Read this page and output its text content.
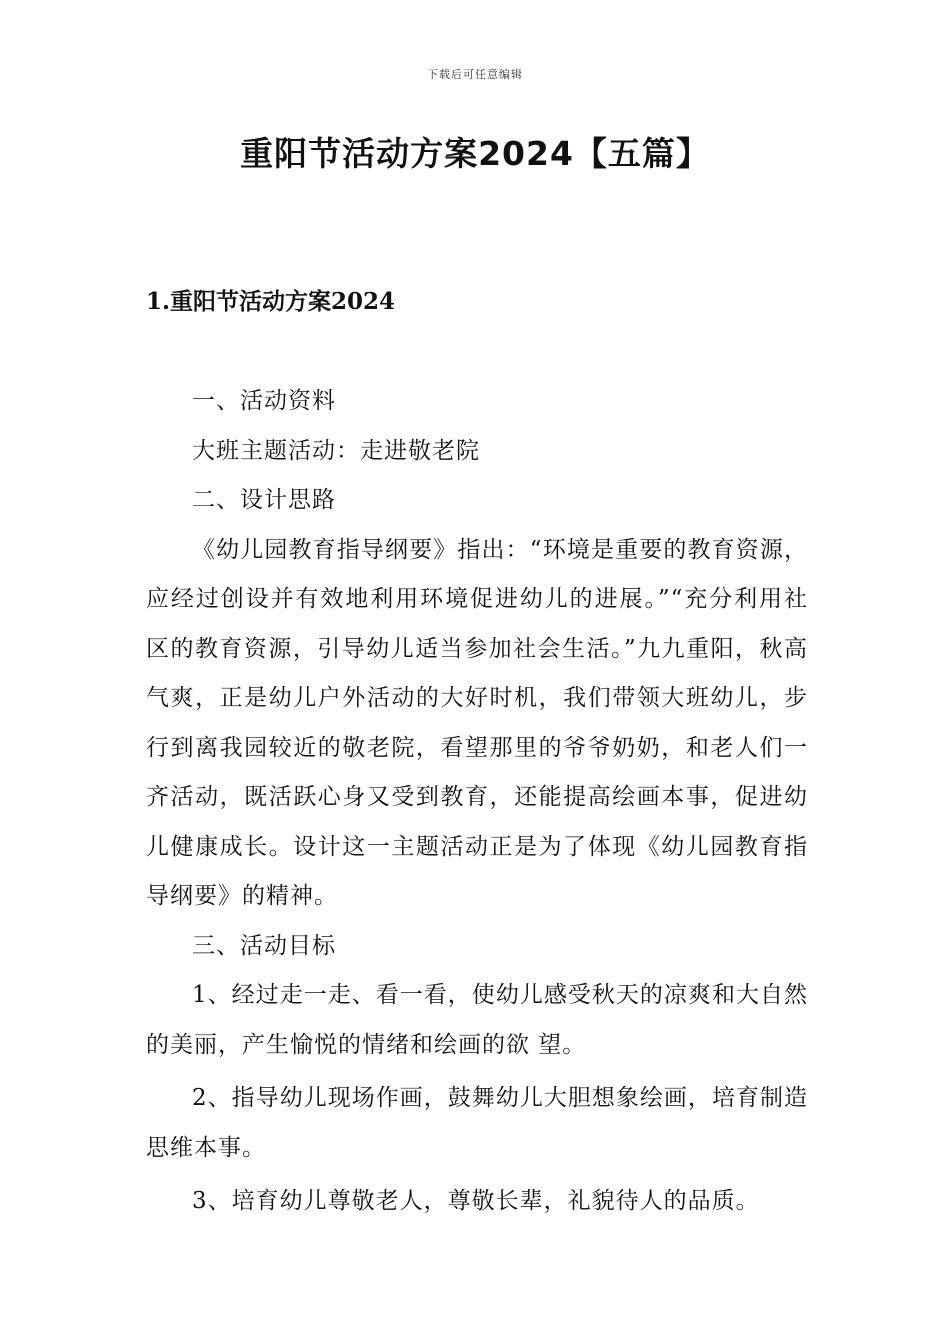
下载后可任意编辑
重阳节活动方案2024【五篇】
1.重阳节活动方案2024

一、活动资料

大班主题活动：走进敬老院

二、设计思路

《幼儿园教育指导纲要》指出：“环境是重要的教育资源，应经过创设并有效地利用环境促进幼儿的进展。”“充分利用社区的教育资源，引导幼儿适当参加社会生活。”九九重阳，秋高气爽，正是幼儿户外活动的大好时机，我们带领大班幼儿，步行到离我园较近的敬老院，看望那里的爷爷奶奶，和老人们一齐活动，既活跃心身又受到教育，还能提高绘画本事，促进幼儿健康成长。设计这一主题活动正是为了体现《幼儿园教育指导纲要》的精神。

三、活动目标

1、经过走一走、看一看，使幼儿感受秋天的凉爽和大自然的美丽，产生愉悦的情绪和绘画的欲 望。

2、指导幼儿现场作画，鼓舞幼儿大胆想象绘画，培育制造思维本事。

3、培育幼儿尊敬老人，尊敬长辈，礼貌待人的品质。
